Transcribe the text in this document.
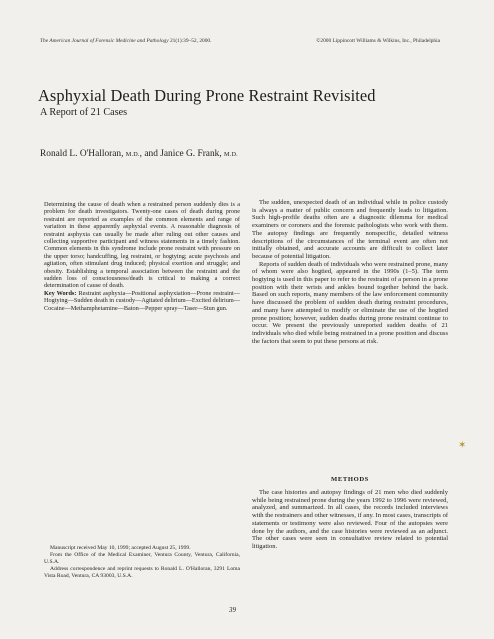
The American Journal of Forensic Medicine and Pathology 21(1):39–52, 2000.	©2000 Lippincott Williams & Wilkins, Inc., Philadelphia
Asphyxial Death During Prone Restraint Revisited
A Report of 21 Cases
Ronald L. O'Halloran, M.D., and Janice G. Frank, M.D.

Determining the cause of death when a restrained person suddenly dies is a problem for death investigators. Twenty-one cases of death during prone restraint are reported as examples of the common elements and range of variation in these apparently asphyxial events. A reasonable diagnosis of restraint asphyxia can usually be made after ruling out other causes and collecting supportive participant and witness statements in a timely fashion. Common elements in this syndrome include prone restraint with pressure on the upper torso; handcuffing, leg restraint, or hogtying; acute psychosis and agitation, often stimulant drug induced; physical exertion and struggle; and obesity. Establishing a temporal association between the restraint and the sudden loss of consciousness/death is critical to making a correct determination of cause of death.

Key Words: Restraint asphyxia—Positional asphyxiation—Prone restraint—Hogtying—Sudden death in custody—Agitated delirium—Excited delirium—Cocaine—Methamphetamine—Baton—Pepper spray—Taser—Stun gun.

Manuscript received May 10, 1999; accepted August 25, 1999.

From the Office of the Medical Examiner, Ventura County, Ventura, California, U.S.A.

Address correspondence and reprint requests to Ronald L. O'Halloran, 3291 Loma Vista Road, Ventura, CA 93003, U.S.A.

The sudden, unexpected death of an individual while in police custody is always a matter of public concern and frequently leads to litigation. Such high-profile deaths often are a diagnostic dilemma for medical examiners or coroners and the forensic pathologists who work with them. The autopsy findings are frequently nonspecific, detailed witness descriptions of the circumstances of the terminal event are often not initially obtained, and accurate accounts are difficult to collect later because of potential litigation.

Reports of sudden death of individuals who were restrained prone, many of whom were also hogtied, appeared in the 1990s (1–5). The term hogtying is used in this paper to refer to the restraint of a person in a prone position with their wrists and ankles bound together behind the back. Based on such reports, many members of the law enforcement community have discussed the problem of sudden death during restraint procedures, and many have attempted to modify or eliminate the use of the hogtied prone position; however, sudden deaths during prone restraint continue to occur. We present the previously unreported sudden deaths of 21 individuals who died while being restrained in a prone position and discuss the factors that seem to put these persons at risk.

METHODS

The case histories and autopsy findings of 21 men who died suddenly while being restrained prone during the years 1992 to 1996 were reviewed, analyzed, and summarized. In all cases, the records included interviews with the restrainers and other witnesses, if any. In most cases, transcripts of statements or testimony were also reviewed. Four of the autopsies were done by the authors, and the case histories were reviewed as an adjunct. The other cases were seen in consultative review related to potential litigation.

39
✶
